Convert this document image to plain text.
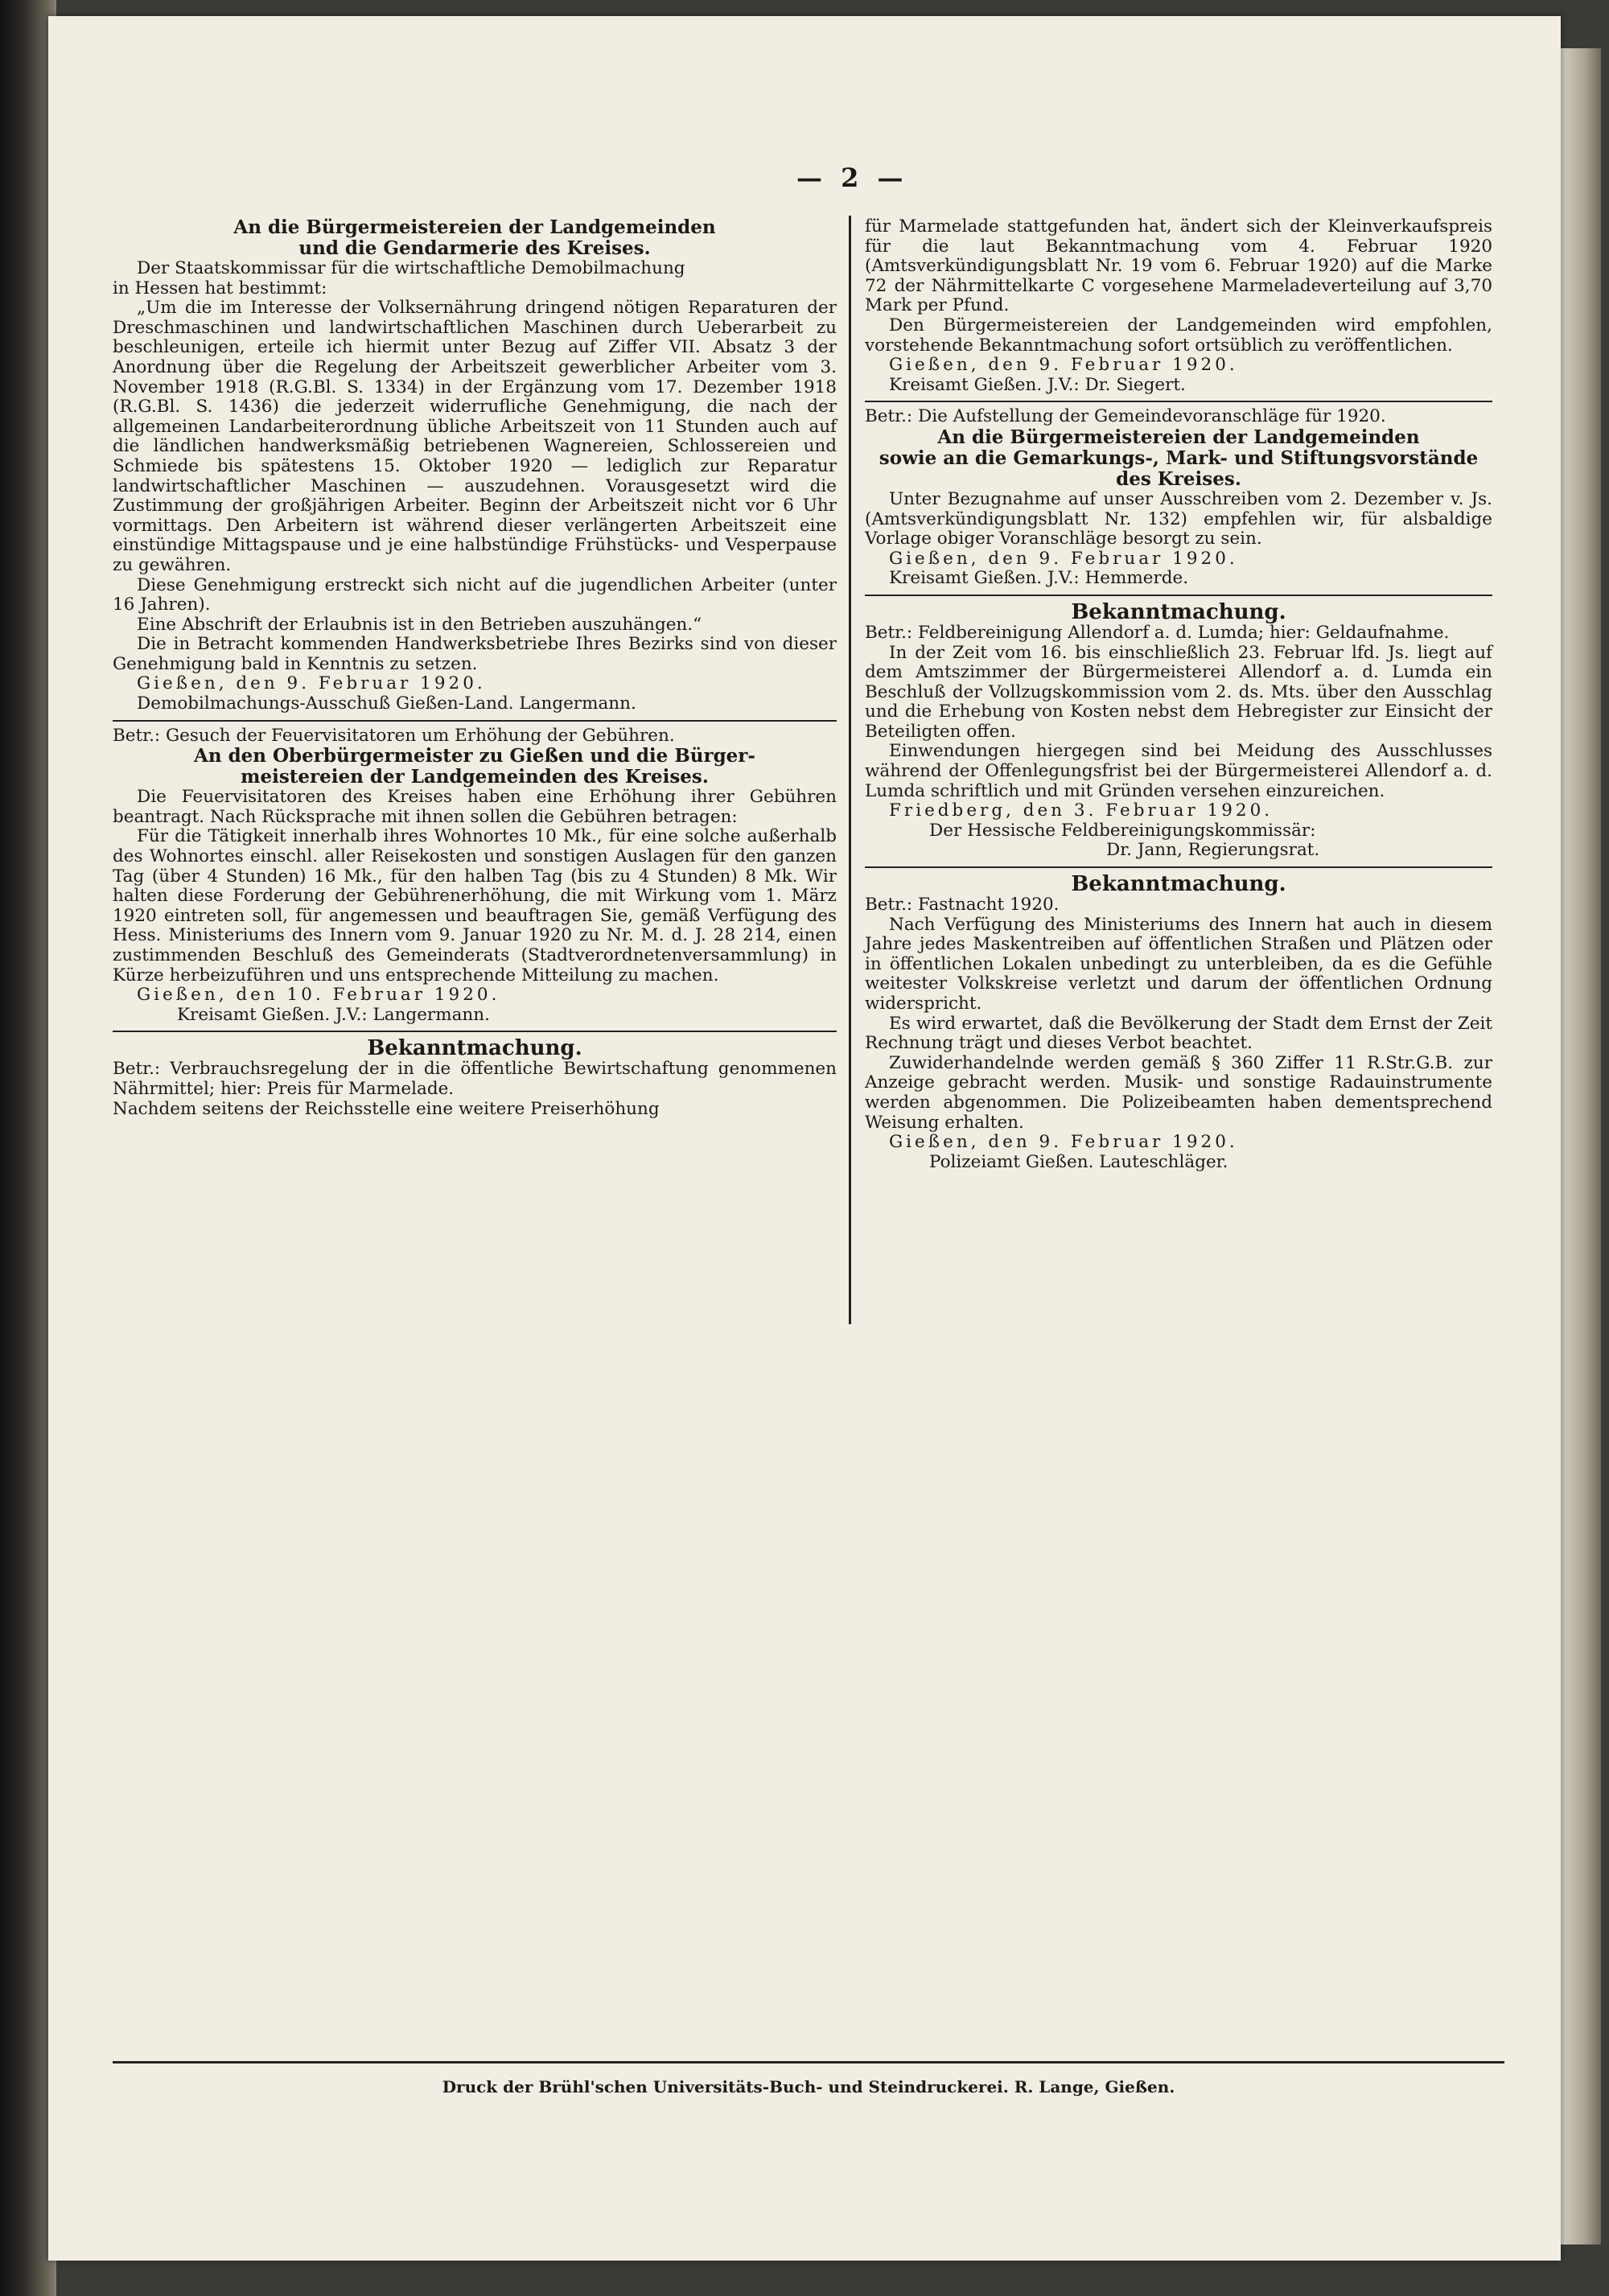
— 2 —
An die Bürgermeistereien der Landgemeinden
und die Gendarmerie des Kreises.

Der Staatskommissar für die wirtschaftliche Demobilmachung

in Hessen hat bestimmt:

„Um die im Interesse der Volksernährung dringend nötigen Reparaturen der Dreschmaschinen und landwirtschaftlichen Maschinen durch Ueberarbeit zu beschleunigen, erteile ich hiermit unter Bezug auf Ziffer VII. Absatz 3 der Anordnung über die Regelung der Arbeitszeit gewerblicher Arbeiter vom 3. November 1918 (R.G.Bl. S. 1334) in der Ergänzung vom 17. Dezember 1918 (R.G.Bl. S. 1436) die jederzeit widerrufliche Genehmigung, die nach der allgemeinen Landarbeiterordnung übliche Arbeitszeit von 11 Stunden auch auf die ländlichen handwerksmäßig betriebenen Wagnereien, Schlossereien und Schmiede bis spätestens 15. Oktober 1920 — lediglich zur Reparatur landwirtschaftlicher Maschinen — auszudehnen. Vorausgesetzt wird die Zustimmung der großjährigen Arbeiter. Beginn der Arbeitszeit nicht vor 6 Uhr vormittags. Den Arbeitern ist während dieser verlängerten Arbeitszeit eine einstündige Mittagspause und je eine halbstündige Frühstücks- und Vesperpause zu gewähren.

Diese Genehmigung erstreckt sich nicht auf die jugendlichen Arbeiter (unter 16 Jahren).

Eine Abschrift der Erlaubnis ist in den Betrieben auszuhängen.“

Die in Betracht kommenden Handwerksbetriebe Ihres Bezirks sind von dieser Genehmigung bald in Kenntnis zu setzen.

Gießen, den 9. Februar 1920.

Demobilmachungs-Ausschuß Gießen-Land. Langermann.

Betr.: Gesuch der Feuervisitatoren um Erhöhung der Gebühren.

An den Oberbürgermeister zu Gießen und die Bürger-
meistereien der Landgemeinden des Kreises.

Die Feuervisitatoren des Kreises haben eine Erhöhung ihrer Gebühren beantragt. Nach Rücksprache mit ihnen sollen die Gebühren betragen:

Für die Tätigkeit innerhalb ihres Wohnortes 10 Mk., für eine solche außerhalb des Wohnortes einschl. aller Reisekosten und sonstigen Auslagen für den ganzen Tag (über 4 Stunden) 16 Mk., für den halben Tag (bis zu 4 Stunden) 8 Mk. Wir halten diese Forderung der Gebührenerhöhung, die mit Wirkung vom 1. März 1920 eintreten soll, für angemessen und beauftragen Sie, gemäß Verfügung des Hess. Ministeriums des Innern vom 9. Januar 1920 zu Nr. M. d. J. 28 214, einen zustimmenden Beschluß des Gemeinderats (Stadtverordnetenversammlung) in Kürze herbeizuführen und uns entsprechende Mitteilung zu machen.

Gießen, den 10. Februar 1920.

Kreisamt Gießen. J.V.: Langermann.

Bekanntmachung.

Betr.: Verbrauchsregelung der in die öffentliche Bewirtschaftung genommenen Nährmittel; hier: Preis für Marmelade.

Nachdem seitens der Reichsstelle eine weitere Preiserhöhung

für Marmelade stattgefunden hat, ändert sich der Kleinverkaufspreis für die laut Bekanntmachung vom 4. Februar 1920 (Amtsverkündigungsblatt Nr. 19 vom 6. Februar 1920) auf die Marke 72 der Nährmittelkarte C vorgesehene Marmeladeverteilung auf 3,70 Mark per Pfund.

Den Bürgermeistereien der Landgemeinden wird empfohlen, vorstehende Bekanntmachung sofort ortsüblich zu veröffentlichen.

Gießen, den 9. Februar 1920.

Kreisamt Gießen. J.V.: Dr. Siegert.

Betr.: Die Aufstellung der Gemeindevoranschläge für 1920.

An die Bürgermeistereien der Landgemeinden
sowie an die Gemarkungs-, Mark- und Stiftungsvorstände
des Kreises.

Unter Bezugnahme auf unser Ausschreiben vom 2. Dezember v. Js. (Amtsverkündigungsblatt Nr. 132) empfehlen wir, für alsbaldige Vorlage obiger Voranschläge besorgt zu sein.

Gießen, den 9. Februar 1920.

Kreisamt Gießen. J.V.: Hemmerde.

Bekanntmachung.

Betr.: Feldbereinigung Allendorf a. d. Lumda; hier: Geldaufnahme.

In der Zeit vom 16. bis einschließlich 23. Februar lfd. Js. liegt auf dem Amtszimmer der Bürgermeisterei Allendorf a. d. Lumda ein Beschluß der Vollzugskommission vom 2. ds. Mts. über den Ausschlag und die Erhebung von Kosten nebst dem Hebregister zur Einsicht der Beteiligten offen.

Einwendungen hiergegen sind bei Meidung des Ausschlusses während der Offenlegungsfrist bei der Bürgermeisterei Allendorf a. d. Lumda schriftlich und mit Gründen versehen einzureichen.

Friedberg, den 3. Februar 1920.

Der Hessische Feldbereinigungskommissär:

Dr. Jann, Regierungsrat.

Bekanntmachung.

Betr.: Fastnacht 1920.

Nach Verfügung des Ministeriums des Innern hat auch in diesem Jahre jedes Maskentreiben auf öffentlichen Straßen und Plätzen oder in öffentlichen Lokalen unbedingt zu unterbleiben, da es die Gefühle weitester Volkskreise verletzt und darum der öffentlichen Ordnung widerspricht.

Es wird erwartet, daß die Bevölkerung der Stadt dem Ernst der Zeit Rechnung trägt und dieses Verbot beachtet.

Zuwiderhandelnde werden gemäß § 360 Ziffer 11 R.Str.G.B. zur Anzeige gebracht werden. Musik- und sonstige Radauinstrumente werden abgenommen. Die Polizeibeamten haben dementsprechend Weisung erhalten.

Gießen, den 9. Februar 1920.

Polizeiamt Gießen. Lauteschläger.

Druck der Brühl'schen Universitäts-Buch- und Steindruckerei. R. Lange, Gießen.
